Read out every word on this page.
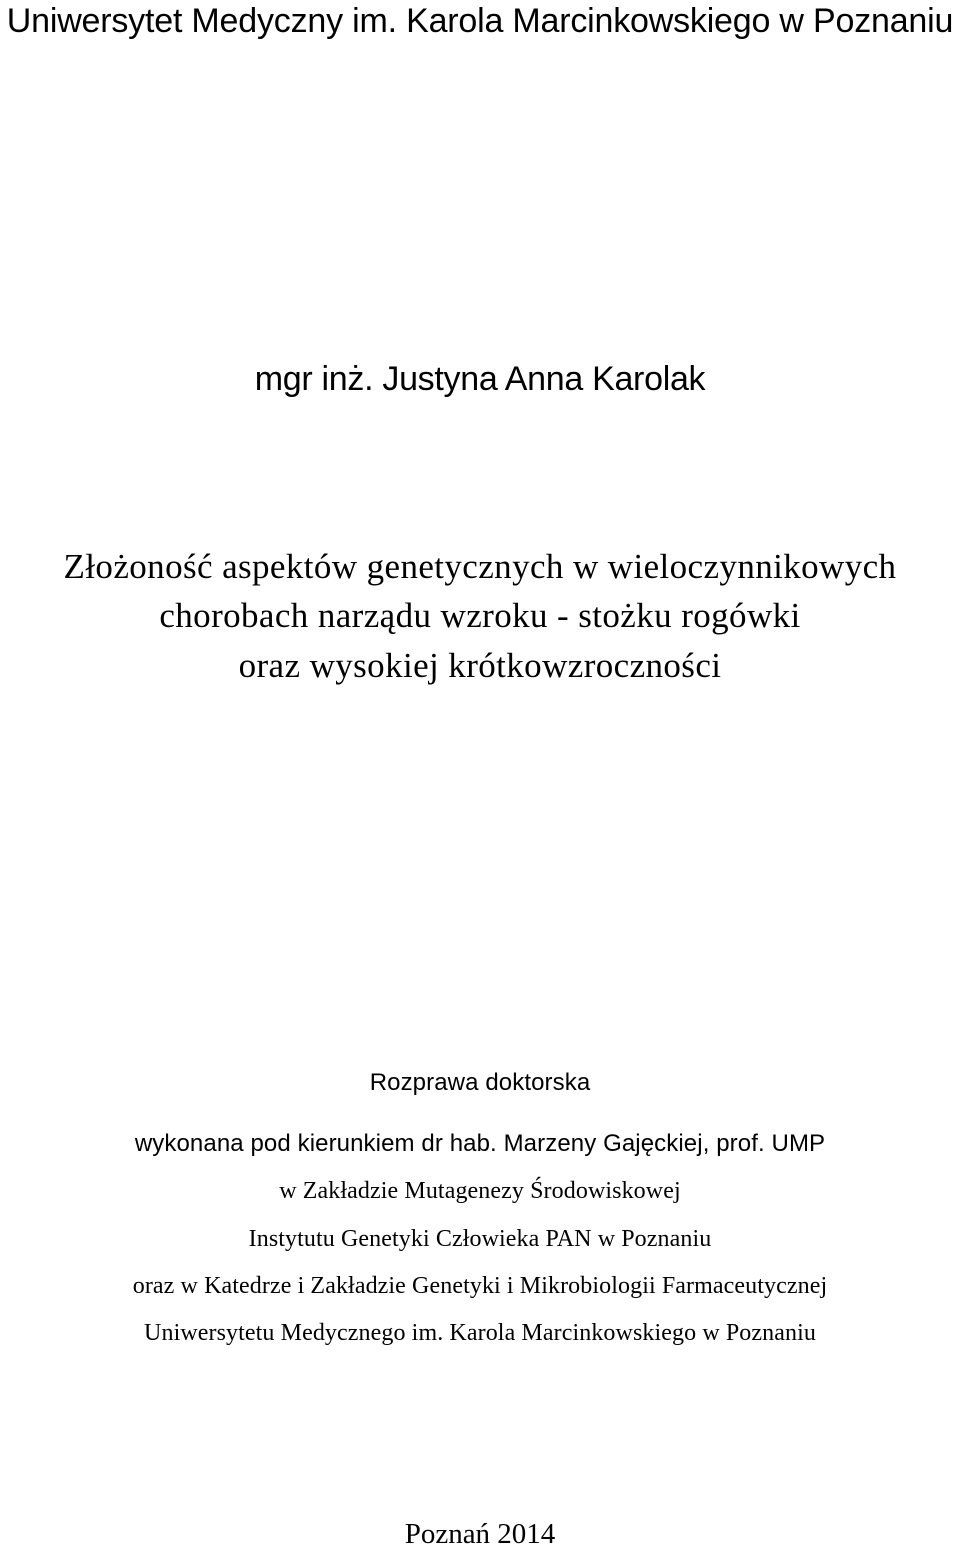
Uniwersytet Medyczny im. Karola Marcinkowskiego w Poznaniu
mgr inż. Justyna Anna Karolak
Złożoność aspektów genetycznych w wieloczynnikowych
chorobach narządu wzroku - stożku rogówki
oraz wysokiej krótkowzroczności
Rozprawa doktorska
wykonana pod kierunkiem dr hab. Marzeny Gajęckiej, prof. UMP
w Zakładzie Mutagenezy Środowiskowej
Instytutu Genetyki Człowieka PAN w Poznaniu
oraz w Katedrze i Zakładzie Genetyki i Mikrobiologii Farmaceutycznej
Uniwersytetu Medycznego im. Karola Marcinkowskiego w Poznaniu
Poznań 2014
